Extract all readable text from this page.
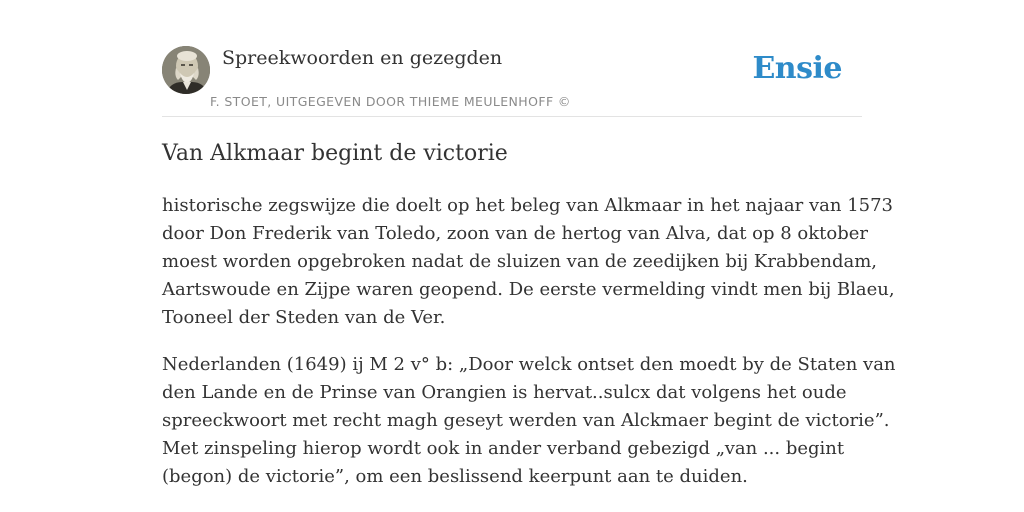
Spreekwoorden en gezegden
F. STOET, UITGEGEVEN DOOR THIEME MEULENHOFF ©
Ensie
Van Alkmaar begint de victorie

historische zegswijze die doelt op het beleg van Alkmaar in het najaar van 1573
door Don Frederik van Toledo, zoon van de hertog van Alva, dat op 8 oktober
moest worden opgebroken nadat de sluizen van de zeedijken bij Krabbendam,
Aartswoude en Zijpe waren geopend. De eerste vermelding vindt men bij Blaeu,
Tooneel der Steden van de Ver.

Nederlanden (1649) ij M 2 v° b: „Door welck ontset den moedt by de Staten van
den Lande en de Prinse van Orangien is hervat..sulcx dat volgens het oude
spreeckwoort met recht magh geseyt werden van Alckmaer begint de victorie”.
Met zinspeling hierop wordt ook in ander verband gebezigd „van ... begint
(begon) de victorie”, om een beslissend keerpunt aan te duiden.
